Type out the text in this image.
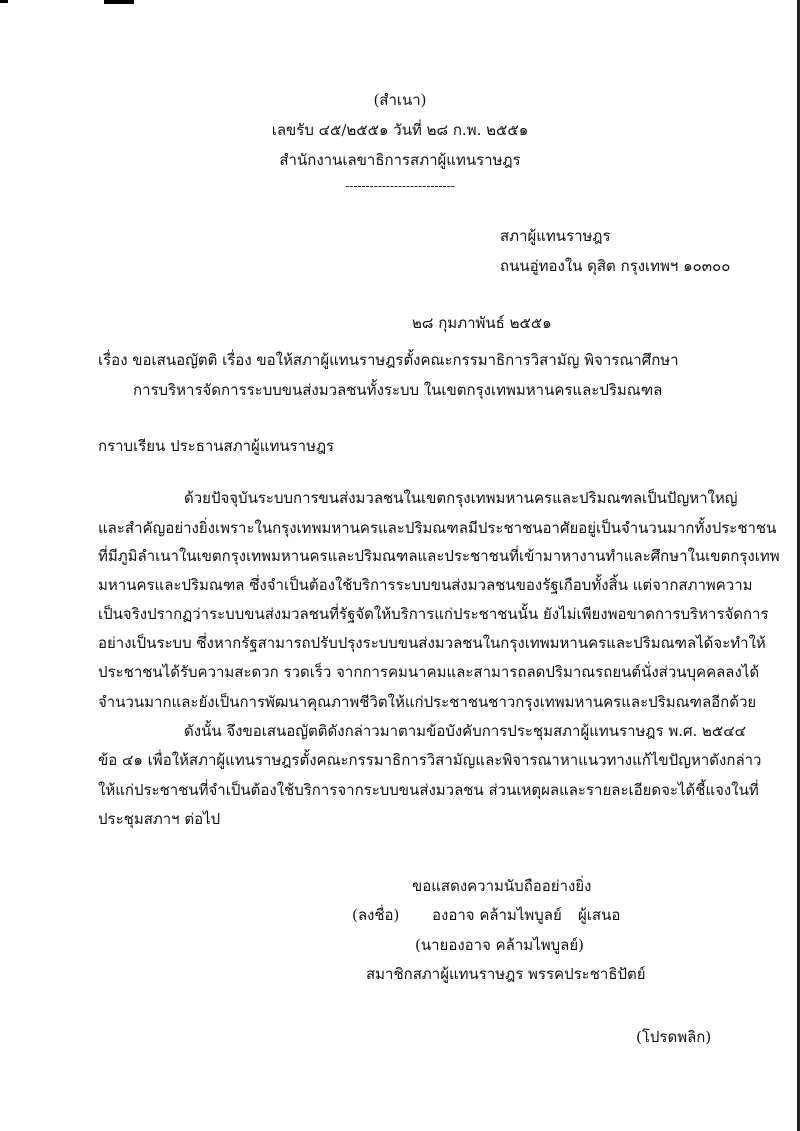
(สำเนา)
เลขรับ ๔๕/๒๕๕๑ วันที่ ๒๘ ก.พ. ๒๕๕๑
สำนักงานเลขาธิการสภาผู้แทนราษฎร
---------------------------
สภาผู้แทนราษฎร
ถนนอู่ทองใน ดุสิต กรุงเทพฯ ๑๐๓๐๐
๒๘ กุมภาพันธ์ ๒๕๕๑
เรื่อง ขอเสนอญัตติ เรื่อง ขอให้สภาผู้แทนราษฎรตั้งคณะกรรมาธิการวิสามัญ พิจารณาศึกษา
การบริหารจัดการระบบขนส่งมวลชนทั้งระบบ ในเขตกรุงเทพมหานครและปริมณฑล
กราบเรียน ประธานสภาผู้แทนราษฎร
ด้วยปัจจุบันระบบการขนส่งมวลชนในเขตกรุงเทพมหานครและปริมณฑลเป็นปัญหาใหญ่
และสำคัญอย่างยิ่งเพราะในกรุงเทพมหานครและปริมณฑลมีประชาชนอาศัยอยู่เป็นจำนวนมากทั้งประชาชน
ที่มีภูมิลำเนาในเขตกรุงเทพมหานครและปริมณฑลและประชาชนที่เข้ามาหางานทำและศึกษาในเขตกรุงเทพ
มหานครและปริมณฑล ซึ่งจำเป็นต้องใช้บริการระบบขนส่งมวลชนของรัฐเกือบทั้งสิ้น แต่จากสภาพความ
เป็นจริงปรากฏว่าระบบขนส่งมวลชนที่รัฐจัดให้บริการแก่ประชาชนนั้น ยังไม่เพียงพอขาดการบริหารจัดการ
อย่างเป็นระบบ ซึ่งหากรัฐสามารถปรับปรุงระบบขนส่งมวลชนในกรุงเทพมหานครและปริมณฑลได้จะทำให้
ประชาชนได้รับความสะดวก รวดเร็ว จากการคมนาคมและสามารถลดปริมาณรถยนต์นั่งส่วนบุคคลลงได้
จำนวนมากและยังเป็นการพัฒนาคุณภาพชีวิตให้แก่ประชาชนชาวกรุงเทพมหานครและปริมณฑลอีกด้วย
ดังนั้น จึงขอเสนอญัตติดังกล่าวมาตามข้อบังคับการประชุมสภาผู้แทนราษฎร พ.ศ. ๒๕๔๔
ข้อ ๔๑ เพื่อให้สภาผู้แทนราษฎรตั้งคณะกรรมาธิการวิสามัญและพิจารณาหาแนวทางแก้ไขปัญหาดังกล่าว
ให้แก่ประชาชนที่จำเป็นต้องใช้บริการจากระบบขนส่งมวลชน ส่วนเหตุผลและรายละเอียดจะได้ชี้แจงในที่
ประชุมสภาฯ ต่อไป
ขอแสดงความนับถืออย่างยิ่ง
(ลงชื่อ) องอาจ คล้ามไพบูลย์ ผู้เสนอ
(นายองอาจ คล้ามไพบูลย์)
สมาชิกสภาผู้แทนราษฎร พรรคประชาธิปัตย์
(โปรดพลิก)
